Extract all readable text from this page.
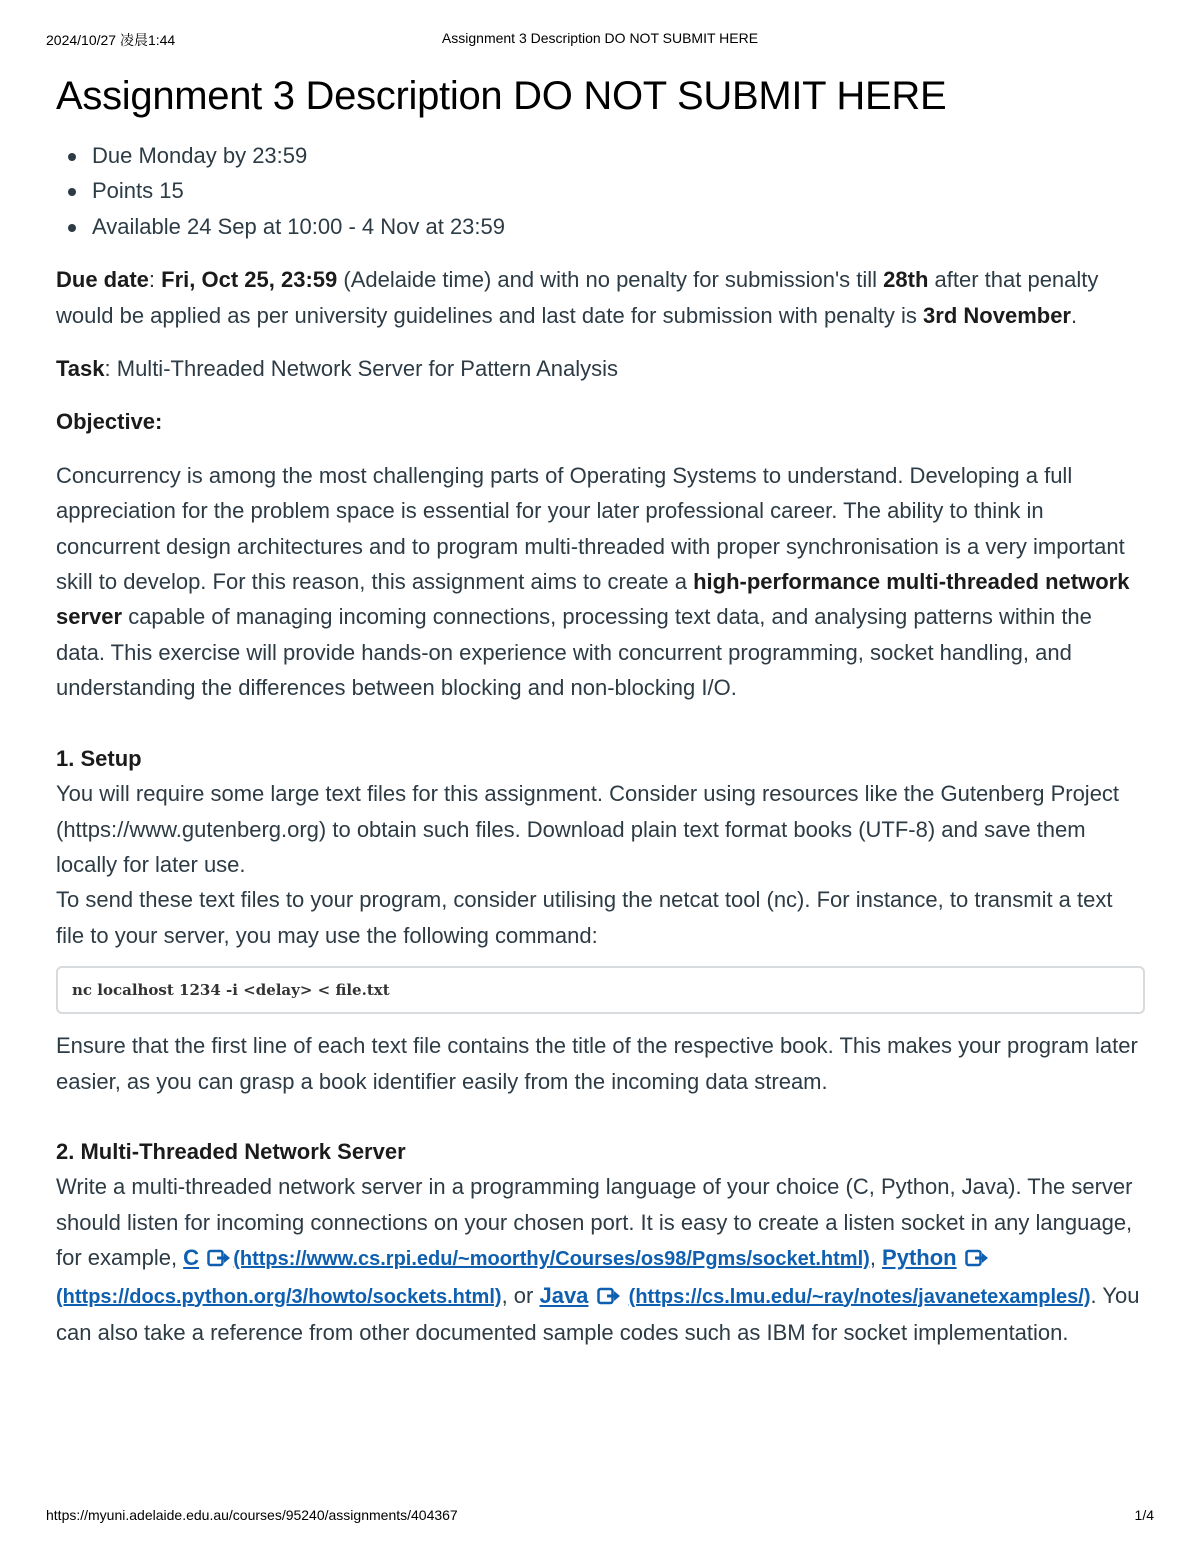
2024/10/27 凌晨1:44	Assignment 3 Description DO NOT SUBMIT HERE
Assignment 3 Description DO NOT SUBMIT HERE
Due Monday by 23:59
Points 15
Available 24 Sep at 10:00 - 4 Nov at 23:59

Due date: Fri, Oct 25, 23:59 (Adelaide time) and with no penalty for submission's till 28th after that penalty would be applied as per university guidelines and last date for submission with penalty is 3rd November.

Task: Multi-Threaded Network Server for Pattern Analysis

Objective:

Concurrency is among the most challenging parts of Operating Systems to understand. Developing a full appreciation for the problem space is essential for your later professional career. The ability to think in concurrent design architectures and to program multi-threaded with proper synchronisation is a very important skill to develop. For this reason, this assignment aims to create a high-performance multi-threaded network server capable of managing incoming connections, processing text data, and analysing patterns within the data. This exercise will provide hands-on experience with concurrent programming, socket handling, and understanding the differences between blocking and non-blocking I/O.

1. Setup

You will require some large text files for this assignment. Consider using resources like the Gutenberg Project (https://www.gutenberg.org) to obtain such files. Download plain text format books (UTF-8) and save them locally for later use.

To send these text files to your program, consider utilising the netcat tool (nc). For instance, to transmit a text file to your server, you may use the following command:

nc localhost 1234 -i <delay> < file.txt

Ensure that the first line of each text file contains the title of the respective book. This makes your program later easier, as you can grasp a book identifier easily from the incoming data stream.

2. Multi-Threaded Network Server

Write a multi-threaded network server in a programming language of your choice (C, Python, Java). The server should listen for incoming connections on your chosen port. It is easy to create a listen socket in any language, for example, C (https://www.cs.rpi.edu/~moorthy/Courses/os98/Pgms/socket.html), Python (https://docs.python.org/3/howto/sockets.html), or Java (https://cs.lmu.edu/~ray/notes/javanetexamples/). You can also take a reference from other documented sample codes such as IBM for socket implementation.

https://myuni.adelaide.edu.au/courses/95240/assignments/404367	1/4
